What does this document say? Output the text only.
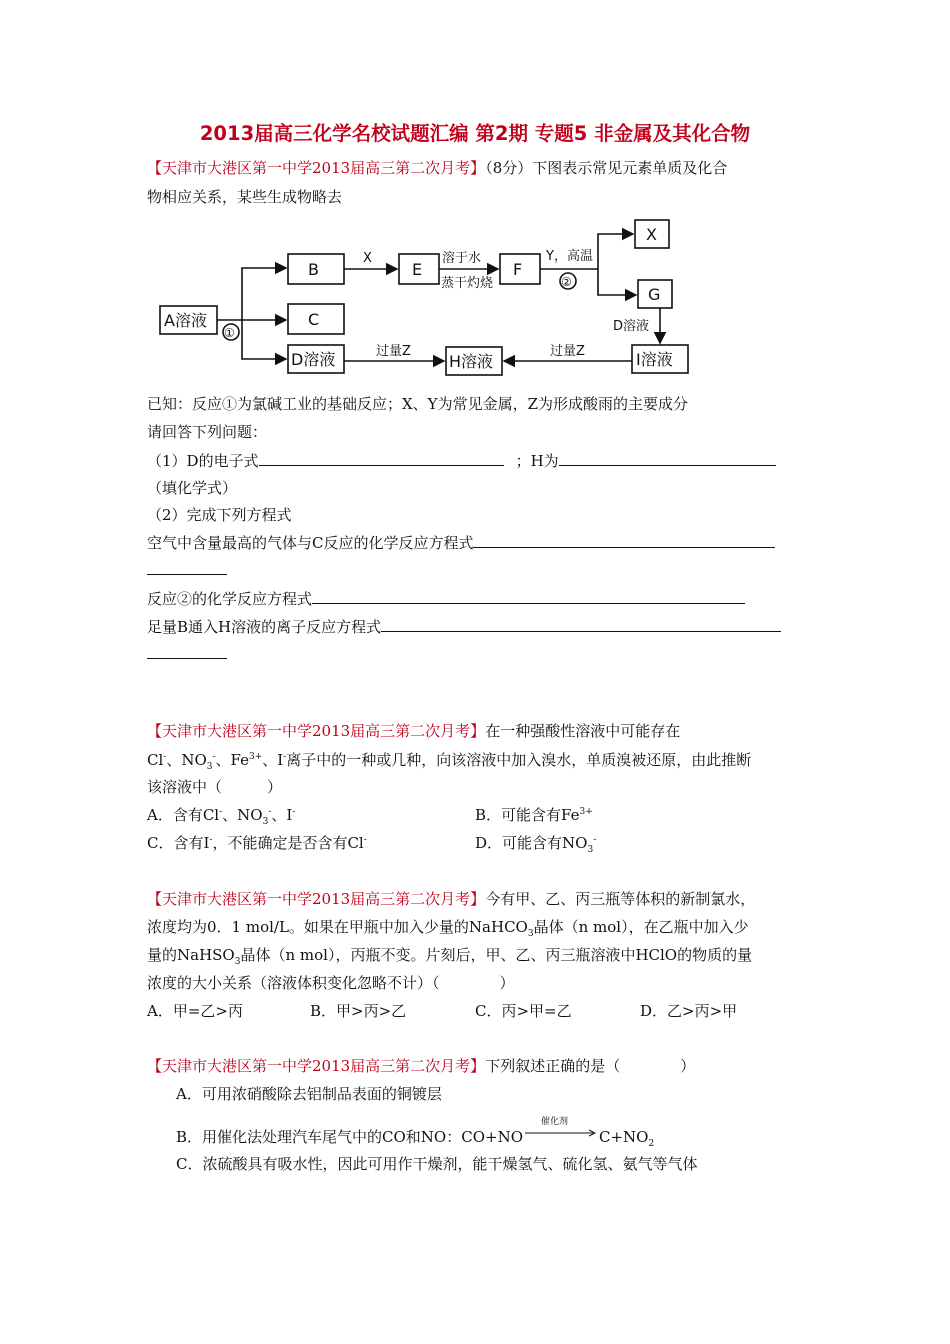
2013届高三化学名校试题汇编 第2期 专题5 非金属及其化合物
【天津市大港区第一中学2013届高三第二次月考】（8分）下图表示常见元素单质及化合
物相应关系，某些生成物略去
A溶液
B
C
D溶液
E	F
X
G
I溶液
H溶液
X	溶于水
蒸干灼烧
Y，高温
②
①	D溶液
过量Z	过量Z
已知：反应①为氯碱工业的基础反应；X、Y为常见金属，Z为形成酸雨的主要成分
请回答下列问题：
（1）D的电子式	；H为
（填化学式）
（2）完成下列方程式
空气中含量最高的气体与C反应的化学反应方程式
反应②的化学反应方程式
足量B通入H溶液的离子反应方程式
【天津市大港区第一中学2013届高三第二次月考】在一种强酸性溶液中可能存在
Cl-、$NO_3^-$、$Fe^{3+}$、I-离子中的一种或几种，向该溶液中加入溴水，单质溴被还原，由此推断
该溶液中（　　　）
A．含有Cl-、$NO_3^-$、I-	B．可能含有$Fe^{3+}$
C．含有I-，不能确定是否含有Cl-	D．可能含有$NO_3^-$
【天津市大港区第一中学2013届高三第二次月考】今有甲、乙、丙三瓶等体积的新制氯水，
浓度均为0．1 mol/L。如果在甲瓶中加入少量的NaHCO$_3$晶体（n mol），在乙瓶中加入少
量的NaHSO$_3$晶体（n mol），丙瓶不变。片刻后，甲、乙、丙三瓶溶液中HClO的物质的量
浓度的大小关系（溶液体积变化忽略不计）（　　　　）
A．甲=乙>丙	B．甲>丙>乙	C．丙>甲=乙	D．乙>丙>甲
【天津市大港区第一中学2013届高三第二次月考】下列叙述正确的是（　　　　）
A．可用浓硝酸除去铝制品表面的铜镀层
B．用催化法处理汽车尾气中的CO和NO：CO+NO
催化剂
$C+NO_2$
C．浓硫酸具有吸水性，因此可用作干燥剂，能干燥氢气、硫化氢、氨气等气体
